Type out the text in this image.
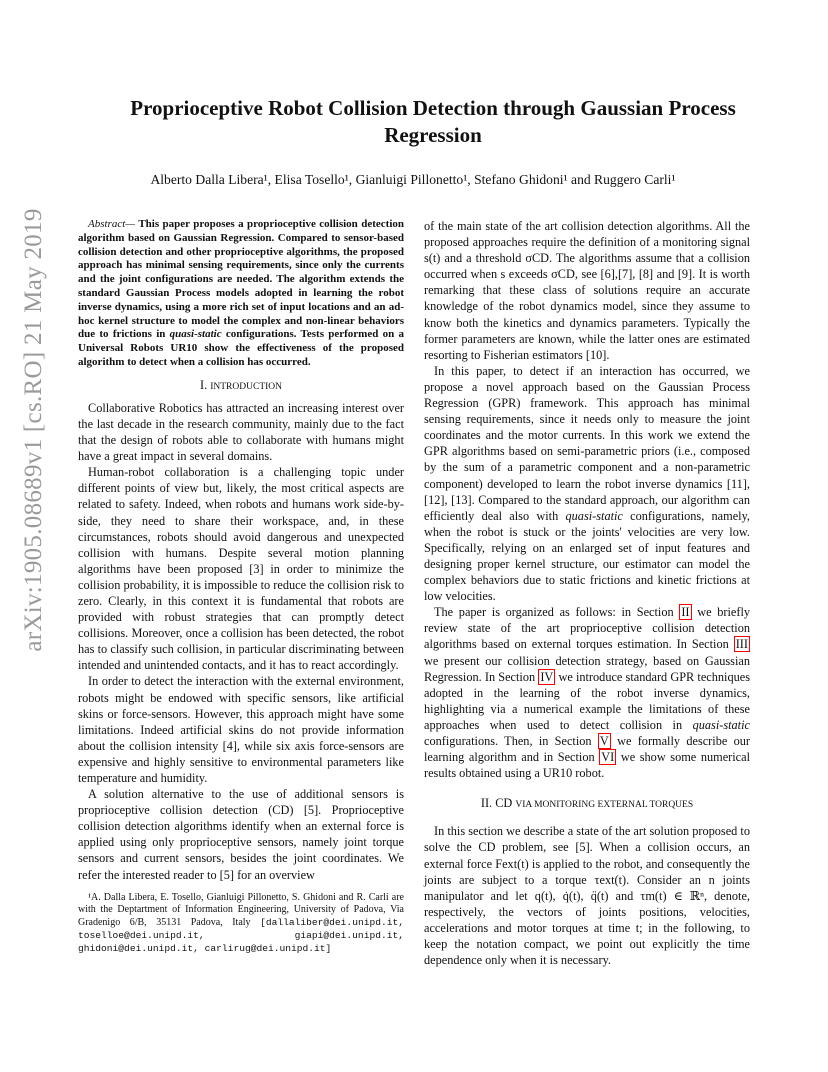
arXiv:1905.08689v1 [cs.RO] 21 May 2019
Proprioceptive Robot Collision Detection through Gaussian Process Regression
Alberto Dalla Libera¹, Elisa Tosello¹, Gianluigi Pillonetto¹, Stefano Ghidoni¹ and Ruggero Carli¹

Abstract— This paper proposes a proprioceptive collision detection algorithm based on Gaussian Regression. Compared to sensor-based collision detection and other proprioceptive algorithms, the proposed approach has minimal sensing requirements, since only the currents and the joint configurations are needed. The algorithm extends the standard Gaussian Process models adopted in learning the robot inverse dynamics, using a more rich set of input locations and an ad-hoc kernel structure to model the complex and non-linear behaviors due to frictions in quasi-static configurations. Tests performed on a Universal Robots UR10 show the effectiveness of the proposed algorithm to detect when a collision has occurred.

I. INTRODUCTION

Collaborative Robotics has attracted an increasing interest over the last decade in the research community, mainly due to the fact that the design of robots able to collaborate with humans might have a great impact in several domains.

Human-robot collaboration is a challenging topic under different points of view but, likely, the most critical aspects are related to safety. Indeed, when robots and humans work side-by-side, they need to share their workspace, and, in these circumstances, robots should avoid dangerous and unexpected collision with humans. Despite several motion planning algorithms have been proposed [3] in order to minimize the collision probability, it is impossible to reduce the collision risk to zero. Clearly, in this context it is fundamental that robots are provided with robust strategies that can promptly detect collisions. Moreover, once a collision has been detected, the robot has to classify such collision, in particular discriminating between intended and unintended contacts, and it has to react accordingly.

In order to detect the interaction with the external environment, robots might be endowed with specific sensors, like artificial skins or force-sensors. However, this approach might have some limitations. Indeed artificial skins do not provide information about the collision intensity [4], while six axis force-sensors are expensive and highly sensitive to environmental parameters like temperature and humidity.

A solution alternative to the use of additional sensors is proprioceptive collision detection (CD) [5]. Proprioceptive collision detection algorithms identify when an external force is applied using only proprioceptive sensors, namely joint torque sensors and current sensors, besides the joint coordinates. We refer the interested reader to [5] for an overview

¹A. Dalla Libera, E. Tosello, Gianluigi Pillonetto, S. Ghidoni and R. Carli are with the Deptartment of Information Engineering, University of Padova, Via Gradenigo 6/B, 35131 Padova, Italy [dallaliber@dei.unipd.it, toselloe@dei.unipd.it, giapi@dei.unipd.it, ghidoni@dei.unipd.it, carlirug@dei.unipd.it]

of the main state of the art collision detection algorithms. All the proposed approaches require the definition of a monitoring signal s(t) and a threshold σCD. The algorithms assume that a collision occurred when s exceeds σCD, see [6],[7], [8] and [9]. It is worth remarking that these class of solutions require an accurate knowledge of the robot dynamics model, since they assume to know both the kinetics and dynamics parameters. Typically the former parameters are known, while the latter ones are estimated resorting to Fisherian estimators [10].

In this paper, to detect if an interaction has occurred, we propose a novel approach based on the Gaussian Process Regression (GPR) framework. This approach has minimal sensing requirements, since it needs only to measure the joint coordinates and the motor currents. In this work we extend the GPR algorithms based on semi-parametric priors (i.e., composed by the sum of a parametric component and a non-parametric component) developed to learn the robot inverse dynamics [11], [12], [13]. Compared to the standard approach, our algorithm can efficiently deal also with quasi-static configurations, namely, when the robot is stuck or the joints' velocities are very low. Specifically, relying on an enlarged set of input features and designing proper kernel structure, our estimator can model the complex behaviors due to static frictions and kinetic frictions at low velocities.

The paper is organized as follows: in Section II we briefly review state of the art proprioceptive collision detection algorithms based on external torques estimation. In Section III we present our collision detection strategy, based on Gaussian Regression. In Section IV we introduce standard GPR techniques adopted in the learning of the robot inverse dynamics, highlighting via a numerical example the limitations of these approaches when used to detect collision in quasi-static configurations. Then, in Section V we formally describe our learning algorithm and in Section VI we show some numerical results obtained using a UR10 robot.

II. CD VIA MONITORING EXTERNAL TORQUES

In this section we describe a state of the art solution proposed to solve the CD problem, see [5]. When a collision occurs, an external force Fext(t) is applied to the robot, and consequently the joints are subject to a torque τext(t). Consider an n joints manipulator and let q(t), q̇(t), q̈(t) and τm(t) ∈ ℝⁿ, denote, respectively, the vectors of joints positions, velocities, accelerations and motor torques at time t; in the following, to keep the notation compact, we point out explicitly the time dependence only when it is necessary.
